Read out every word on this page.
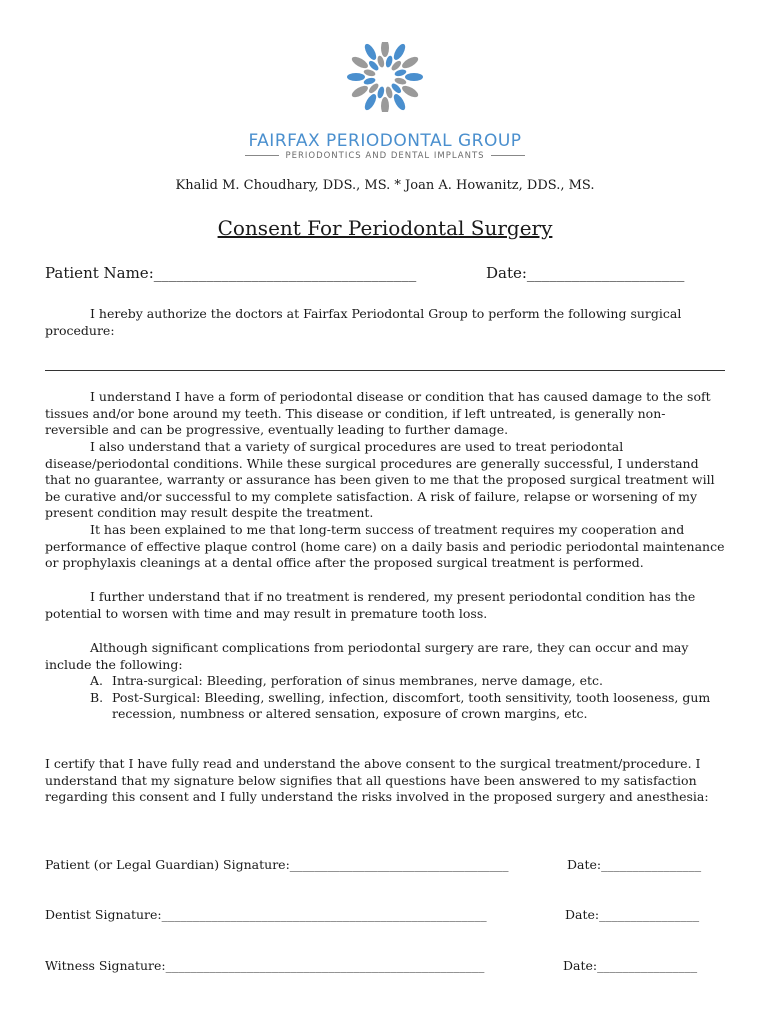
FAIRFAX PERIODONTAL GROUP
PERIODONTICS AND DENTAL IMPLANTS
Khalid M. Choudhary, DDS., MS. * Joan A. Howanitz, DDS., MS.
Consent For Periodontal Surgery
Patient Name:___________________________________	Date:_____________________
I hereby authorize the doctors at Fairfax Periodontal Group to perform the following surgical procedure:
I understand I have a form of periodontal disease or condition that has caused damage to the soft tissues and/or bone around my teeth. This disease or condition, if left untreated, is generally non-reversible and can be progressive, eventually leading to further damage.
I also understand that a variety of surgical procedures are used to treat periodontal disease/periodontal conditions. While these surgical procedures are generally successful, I understand that no guarantee, warranty or assurance has been given to me that the proposed surgical treatment will be curative and/or successful to my complete satisfaction. A risk of failure, relapse or worsening of my present condition may result despite the treatment.
It has been explained to me that long-term success of treatment requires my cooperation and performance of effective plaque control (home care) on a daily basis and periodic periodontal maintenance or prophylaxis cleanings at a dental office after the proposed surgical treatment is performed.
I further understand that if no treatment is rendered, my present periodontal condition has the potential to worsen with time and may result in premature tooth loss.
Although significant complications from periodontal surgery are rare, they can occur and may include the following:
A. Intra-surgical: Bleeding, perforation of sinus membranes, nerve damage, etc.
B. Post-Surgical: Bleeding, swelling, infection, discomfort, tooth sensitivity, tooth looseness, gum recession, numbness or altered sensation, exposure of crown margins, etc.
I certify that I have fully read and understand the above consent to the surgical treatment/procedure. I understand that my signature below signifies that all questions have been answered to my satisfaction regarding this consent and I fully understand the risks involved in the proposed surgery and anesthesia:
Patient (or Legal Guardian) Signature:___________________________________	Date:________________
Dentist Signature:____________________________________________________	Date:________________
Witness Signature:___________________________________________________	Date:________________
